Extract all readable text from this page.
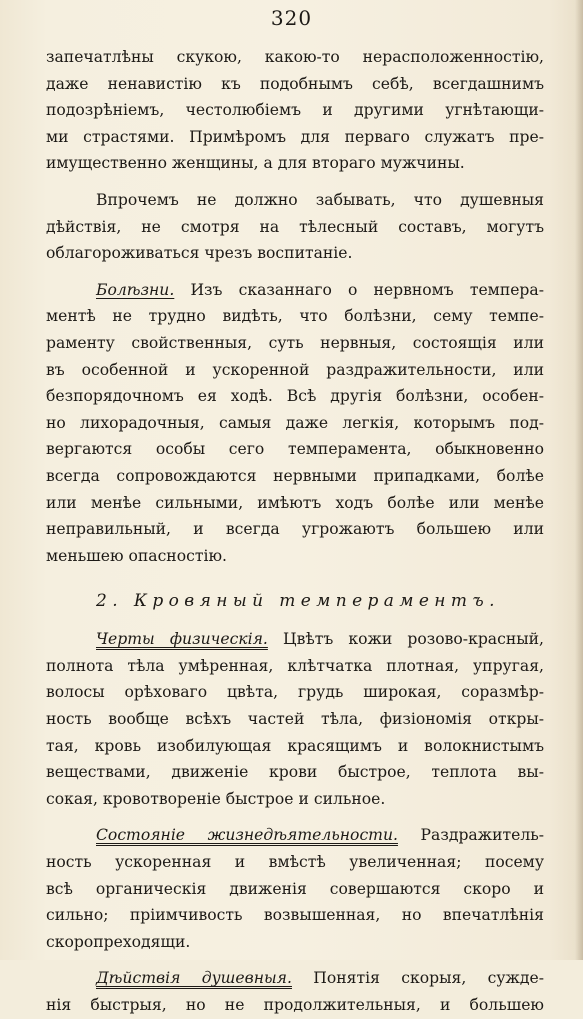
320
запечатлѣны скукою, какою-то нерасположенностію,
даже ненавистію къ подобнымъ себѣ, всегдашнимъ
подозрѣніемъ, честолюбіемъ и другими угнѣтающи-
ми страстями. Примѣромъ для перваго служатъ пре-
имущественно женщины, а для втораго мужчины.
Впрочемъ не должно забывать, что душевныя
дѣйствія, не смотря на тѣлесный составъ, могутъ
облагороживаться чрезъ воспитаніе.
Болѣзни. Изъ сказаннаго о нервномъ темпера-
ментѣ не трудно видѣть, что болѣзни, сему темпе-
раменту свойственныя, суть нервныя, состоящія или
въ особенной и ускоренной раздражительности, или
безпорядочномъ ея ходѣ. Всѣ другія болѣзни, особен-
но лихорадочныя, самыя даже легкія, которымъ под-
вергаются особы сего темперамента, обыкновенно
всегда сопровождаются нервными припадками, болѣе
или менѣе сильными, имѣютъ ходъ болѣе или менѣе
неправильный, и всегда угрожаютъ большею или
меньшею опасностію.
2. Кровяный темпераментъ.
Черты физическія. Цвѣтъ кожи розово-красный,
полнота тѣла умѣренная, клѣтчатка плотная, упругая,
волосы орѣховаго цвѣта, грудь широкая, соразмѣр-
ность вообще всѣхъ частей тѣла, физіономія откры-
тая, кровь изобилующая красящимъ и волокнистымъ
веществами, движеніе крови быстрое, теплота вы-
сокая, кровотвореніе быстрое и сильное.
Состояніе жизнедѣятельности. Раздражитель-
ность ускоренная и вмѣстѣ увеличенная; посему
всѣ органическія движенія совершаются скоро и
сильно; пріимчивость возвышенная, но впечатлѣнія
скоропреходящи.
Дѣйствія душевныя. Понятія скорыя, сужде-
нія быстрыя, но не продолжительныя, и большею
